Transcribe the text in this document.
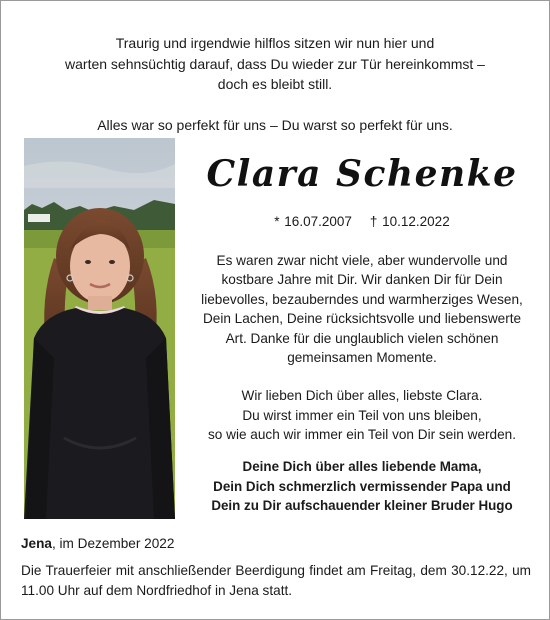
Traurig und irgendwie hilflos sitzen wir nun hier und
warten sehnsüchtig darauf, dass Du wieder zur Tür hereinkommst –
doch es bleibt still.
Alles war so perfekt für uns – Du warst so perfekt für uns.
Clara Schenke
* 16.07.2007 † 10.12.2022
Es waren zwar nicht viele, aber wundervolle und
kostbare Jahre mit Dir. Wir danken Dir für Dein
liebevolles, bezauberndes und warmherziges Wesen,
Dein Lachen, Deine rücksichtsvolle und liebenswerte
Art. Danke für die unglaublich vielen schönen
gemeinsamen Momente.
Wir lieben Dich über alles, liebste Clara.
Du wirst immer ein Teil von uns bleiben,
so wie auch wir immer ein Teil von Dir sein werden.
Deine Dich über alles liebende Mama,
Dein Dich schmerzlich vermissender Papa und
Dein zu Dir aufschauender kleiner Bruder Hugo
Jena, im Dezember 2022
Die Trauerfeier mit anschließender Beerdigung findet am Freitag, dem 30.12.22, um 11.00 Uhr auf dem Nordfriedhof in Jena statt.
